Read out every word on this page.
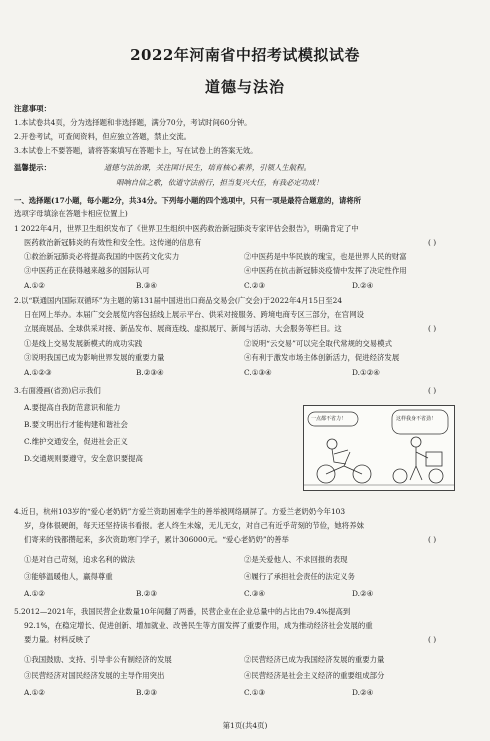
2022年河南省中招考试模拟试卷
道德与法治
注意事项：
1.本试卷共4页，分为选择题和非选择题，满分70分，考试时间60分钟。
2.开卷考试，可查阅资料，但应独立答题，禁止交流。
3.本试卷上不要答题，请将答案填写在答题卡上，写在试卷上的答案无效。
温馨提示：	道德与法治课，关注国计民生，培育核心素养，引领人生航程。
唱响自信之歌，依道守法前行，担当复兴大任，有我必定功成！
一、选择题(17小题，每小题2分，共34分。下列每小题的四个选项中，只有一项是最符合题意的，请将所
选项字母填涂在答题卡相应位置上)
1 2022年4月，世界卫生组织发布了《世界卫生组织中医药救治新冠肺炎专家评估会报告》，明确肯定了中
医药救治新冠肺炎的有效性和安全性。这传递的信息有	( )
①救治新冠肺炎必将提高我国的中医药文化实力	②中医药是中华民族的瑰宝，也是世界人民的财富
③中医药正在获得越来越多的国际认可	④中医药在抗击新冠肺炎疫情中发挥了决定性作用
A.①②	B.③④	C.②③	D.②④
2.以“联通国内国际双循环”为主题的第131届中国进出口商品交易会(广交会)于2022年4月15日至24
日在网上举办。本届广交会展览内容包括线上展示平台、供采对接服务、跨境电商专区三部分，在官网设
立展商展品、全球供采对接、新品发布、展商连线、虚拟展厅、新闻与活动、大会服务等栏目。这	( )
①是线上交易发展新模式的成功实践	②说明“云交易”可以完全取代常规的交易模式
③说明我国已成为影响世界发展的重要力量	④有利于激发市场主体创新活力，促进经济发展
A.①②③	B.②③④	C.①③④	D.①②④
3.右面漫画(省劲)启示我们	( )
A.要提高自我防范意识和能力
B.要文明出行才能构建和谐社会
C.维护交通安全，促进社会正义
D.交通规则要遵守，安全意识要提高
一点都不省力！	这样我身不省劲！
4.近日，杭州103岁的“爱心老奶奶”方爱兰资助困难学生的善举被网络刷屏了。方爱兰老奶奶今年103
岁，身体很硬朗，每天还坚持读书看报。老人终生未嫁，无儿无女，对自己有近乎苛刻的节俭，她将养妹
们寄来的钱都攒起来，多次资助寒门学子，累计306000元。“爱心老奶奶”的善举	( )
①是对自己苛刻，追求名利的做法	②是关爱他人、不求回报的表现
③能够温暖他人，赢得尊重	④履行了承担社会责任的法定义务
A.①②	B.②③	C.③④	D.②④
5.2012—2021年，我国民营企业数量10年间翻了两番，民营企业在企业总量中的占比由79.4%提高到
92.1%，在稳定增长、促进创新、增加就业、改善民生等方面发挥了重要作用，成为推动经济社会发展的重
要力量。材料反映了	( )
①我国鼓励、支持、引导非公有制经济的发展	②民营经济已成为我国经济发展的重要力量
③民营经济对国民经济发展的主导作用突出	④民营经济是社会主义经济的重要组成部分
A.①②	B.②③	C.①③	D.②④
第1页(共4页)
